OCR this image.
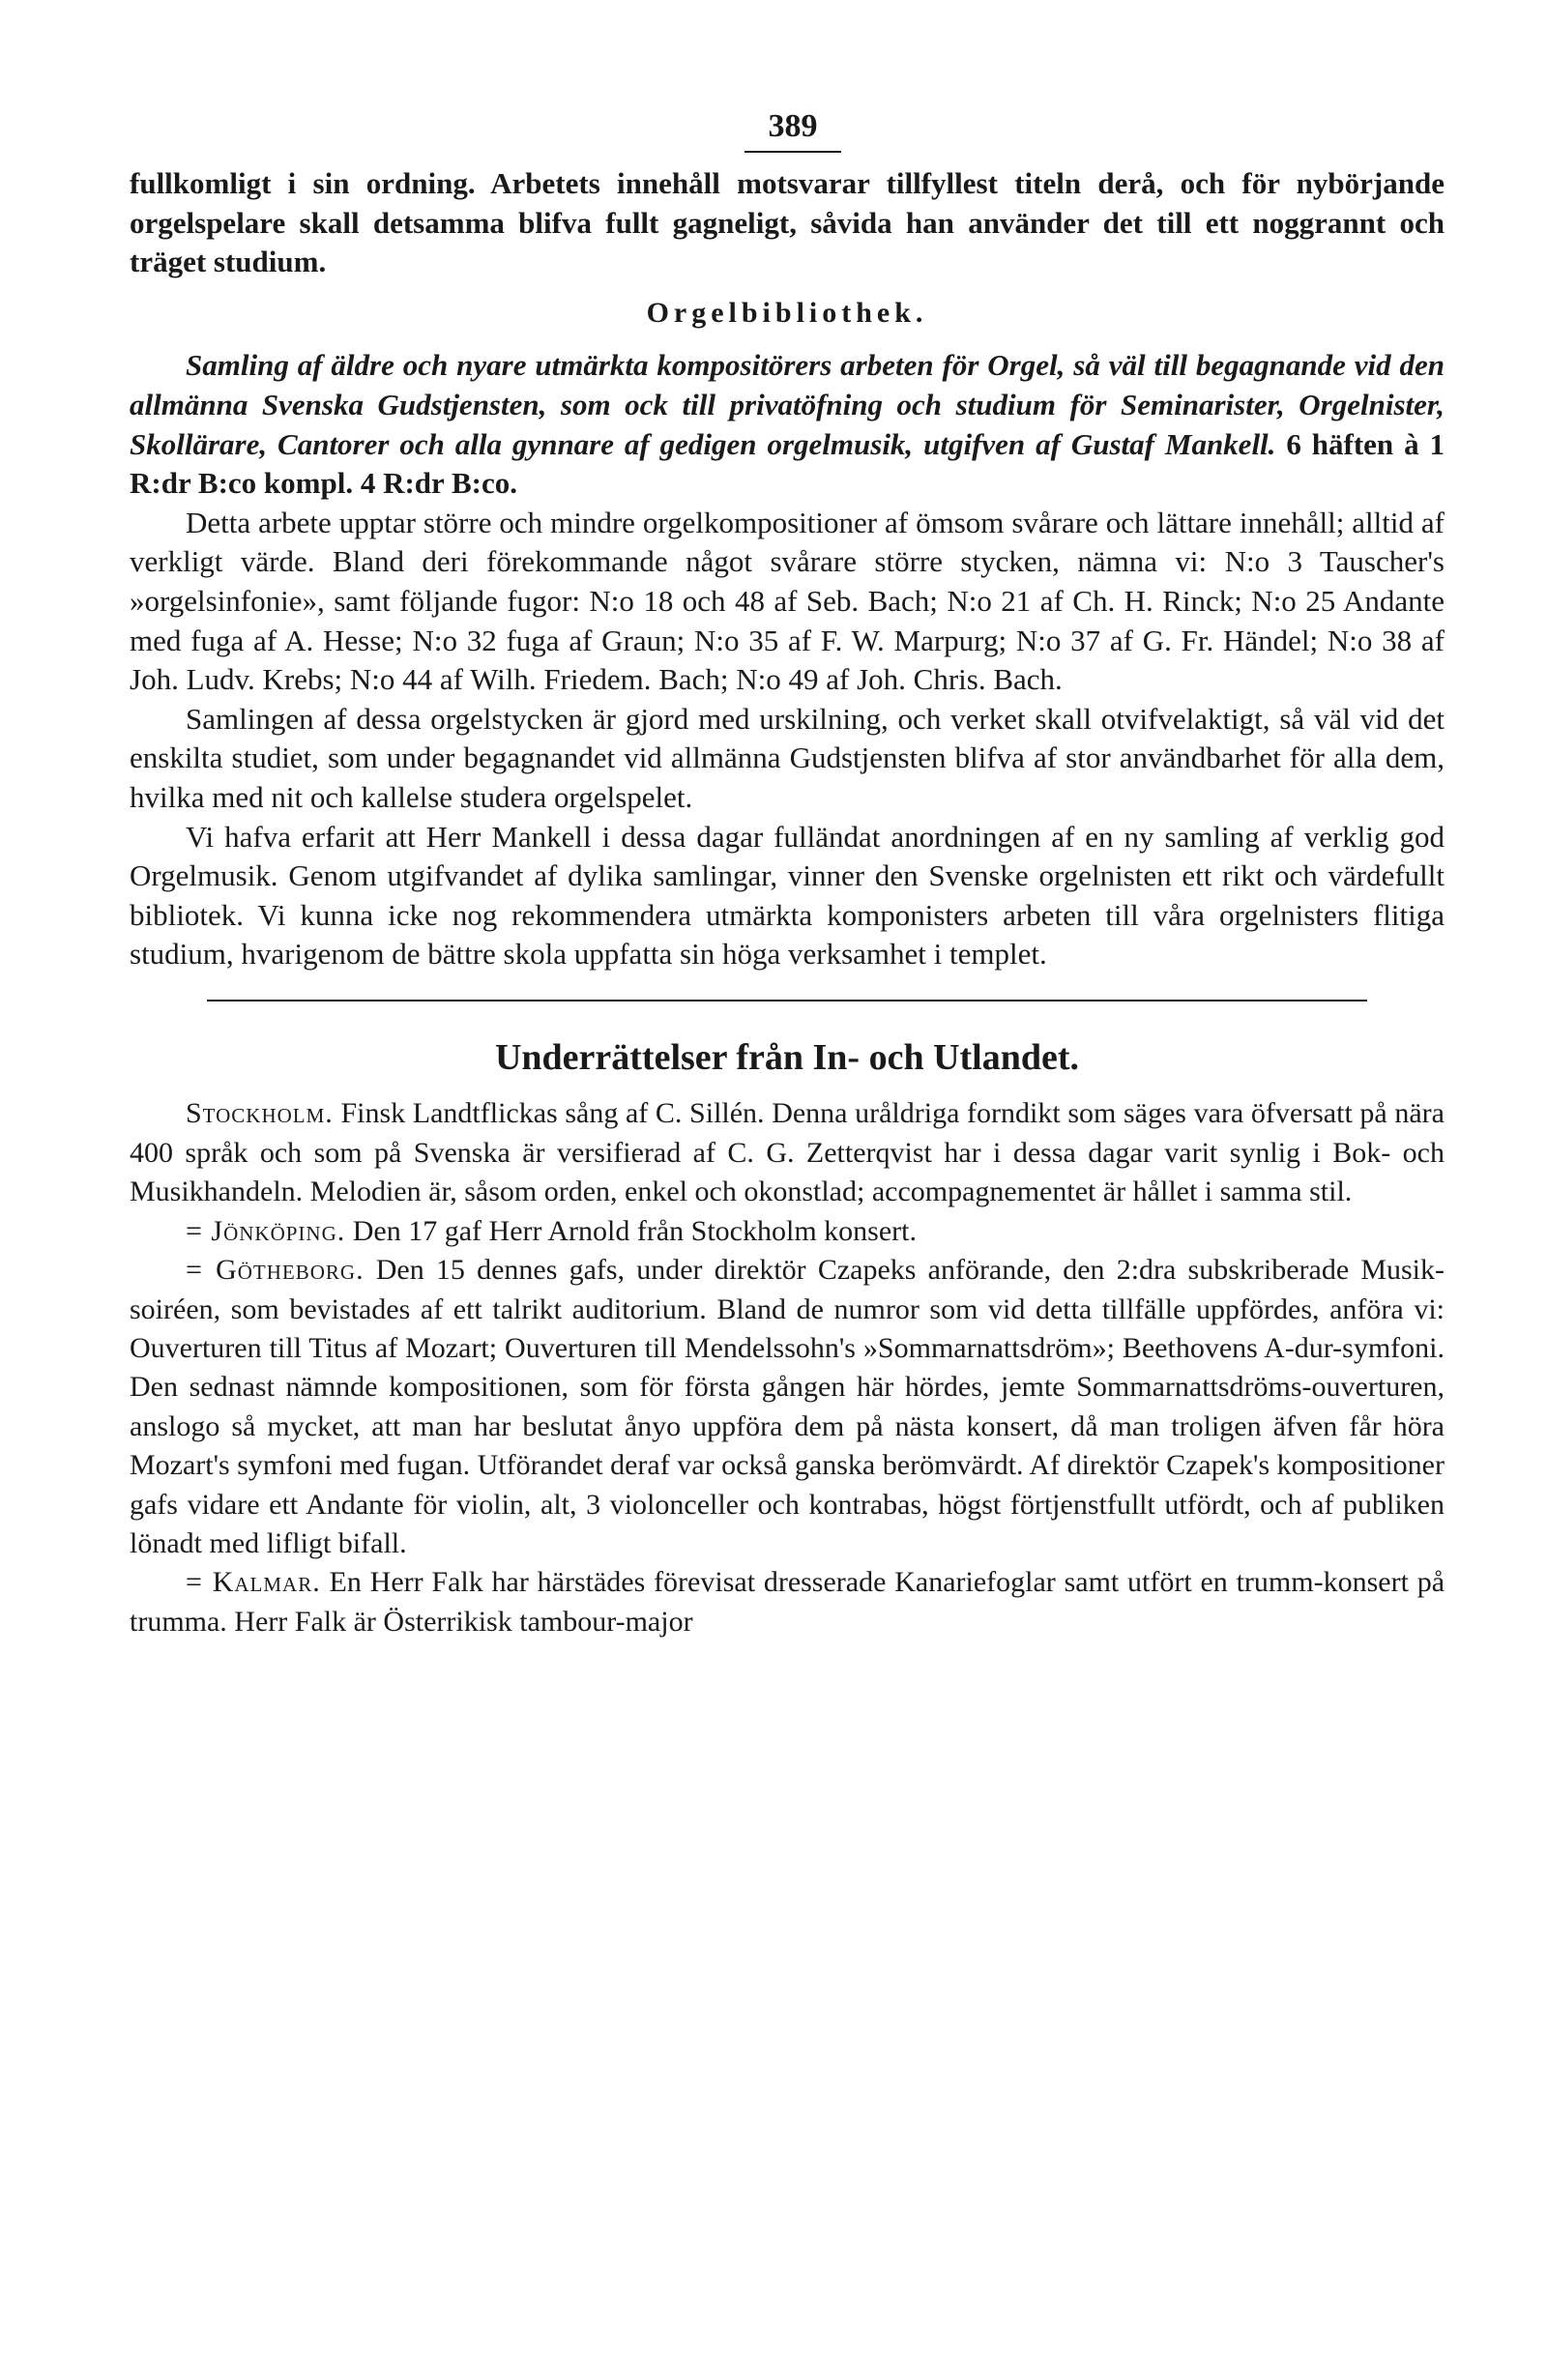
389

fullkomligt i sin ordning. Arbetets innehåll motsvarar tillfyllest titeln derå, och för nybörjande orgelspelare skall detsamma blifva fullt gagneligt, såvida han använder det till ett noggrannt och träget studium.

Orgelbibliothek.

Samling af äldre och nyare utmärkta kompositörers arbeten för Orgel, så väl till begagnande vid den allmänna Svenska Gudstjensten, som ock till privatöfning och studium för Seminarister, Orgelnister, Skollärare, Cantorer och alla gynnare af gedigen orgelmusik, utgifven af Gustaf Mankell. 6 häften à 1 R:dr B:co kompl. 4 R:dr B:co.

Detta arbete upptar större och mindre orgelkompositioner af ömsom svårare och lättare innehåll; alltid af verkligt värde. Bland deri förekommande något svårare större stycken, nämna vi: N:o 3 Tauscher's »orgelsinfonie», samt följande fugor: N:o 18 och 48 af Seb. Bach; N:o 21 af Ch. H. Rinck; N:o 25 Andante med fuga af A. Hesse; N:o 32 fuga af Graun; N:o 35 af F. W. Marpurg; N:o 37 af G. Fr. Händel; N:o 38 af Joh. Ludv. Krebs; N:o 44 af Wilh. Friedem. Bach; N:o 49 af Joh. Chris. Bach.

Samlingen af dessa orgelstycken är gjord med urskilning, och verket skall otvifvelaktigt, så väl vid det enskilta studiet, som under begagnandet vid allmänna Gudstjensten blifva af stor användbarhet för alla dem, hvilka med nit och kallelse studera orgelspelet.

Vi hafva erfarit att Herr Mankell i dessa dagar fulländat anordningen af en ny samling af verklig god Orgelmusik. Genom utgifvandet af dylika samlingar, vinner den Svenske orgelnisten ett rikt och värdefullt bibliotek. Vi kunna icke nog rekommendera utmärkta komponisters arbeten till våra orgelnisters flitiga studium, hvarigenom de bättre skola uppfatta sin höga verksamhet i templet.

Underrättelser från In- och Utlandet.

Stockholm. Finsk Landtflickas sång af C. Sillén. Denna uråldriga forndikt som säges vara öfversatt på nära 400 språk och som på Svenska är versifierad af C. G. Zetterqvist har i dessa dagar varit synlig i Bok- och Musikhandeln. Melodien är, såsom orden, enkel och okonstlad; accompagnementet är hållet i samma stil.

= Jönköping. Den 17 gaf Herr Arnold från Stockholm konsert.

= Götheborg. Den 15 dennes gafs, under direktör Czapeks anförande, den 2:dra subskriberade Musik-soiréen, som bevistades af ett talrikt auditorium. Bland de numror som vid detta tillfälle uppfördes, anföra vi: Ouverturen till Titus af Mozart; Ouverturen till Mendelssohn's »Sommarnattsdröm»; Beethovens A-dur-symfoni. Den sednast nämnde kompositionen, som för första gången här hördes, jemte Sommarnattsdröms-ouverturen, anslogo så mycket, att man har beslutat ånyo uppföra dem på nästa konsert, då man troligen äfven får höra Mozart's symfoni med fugan. Utförandet deraf var också ganska berömvärdt. Af direktör Czapek's kompositioner gafs vidare ett Andante för violin, alt, 3 violonceller och kontrabas, högst förtjenstfullt utfördt, och af publiken lönadt med lifligt bifall.

= Kalmar. En Herr Falk har härstädes förevisat dresserade Kanariefoglar samt utfört en trumm-konsert på trumma. Herr Falk är Österrikisk tambour-major
